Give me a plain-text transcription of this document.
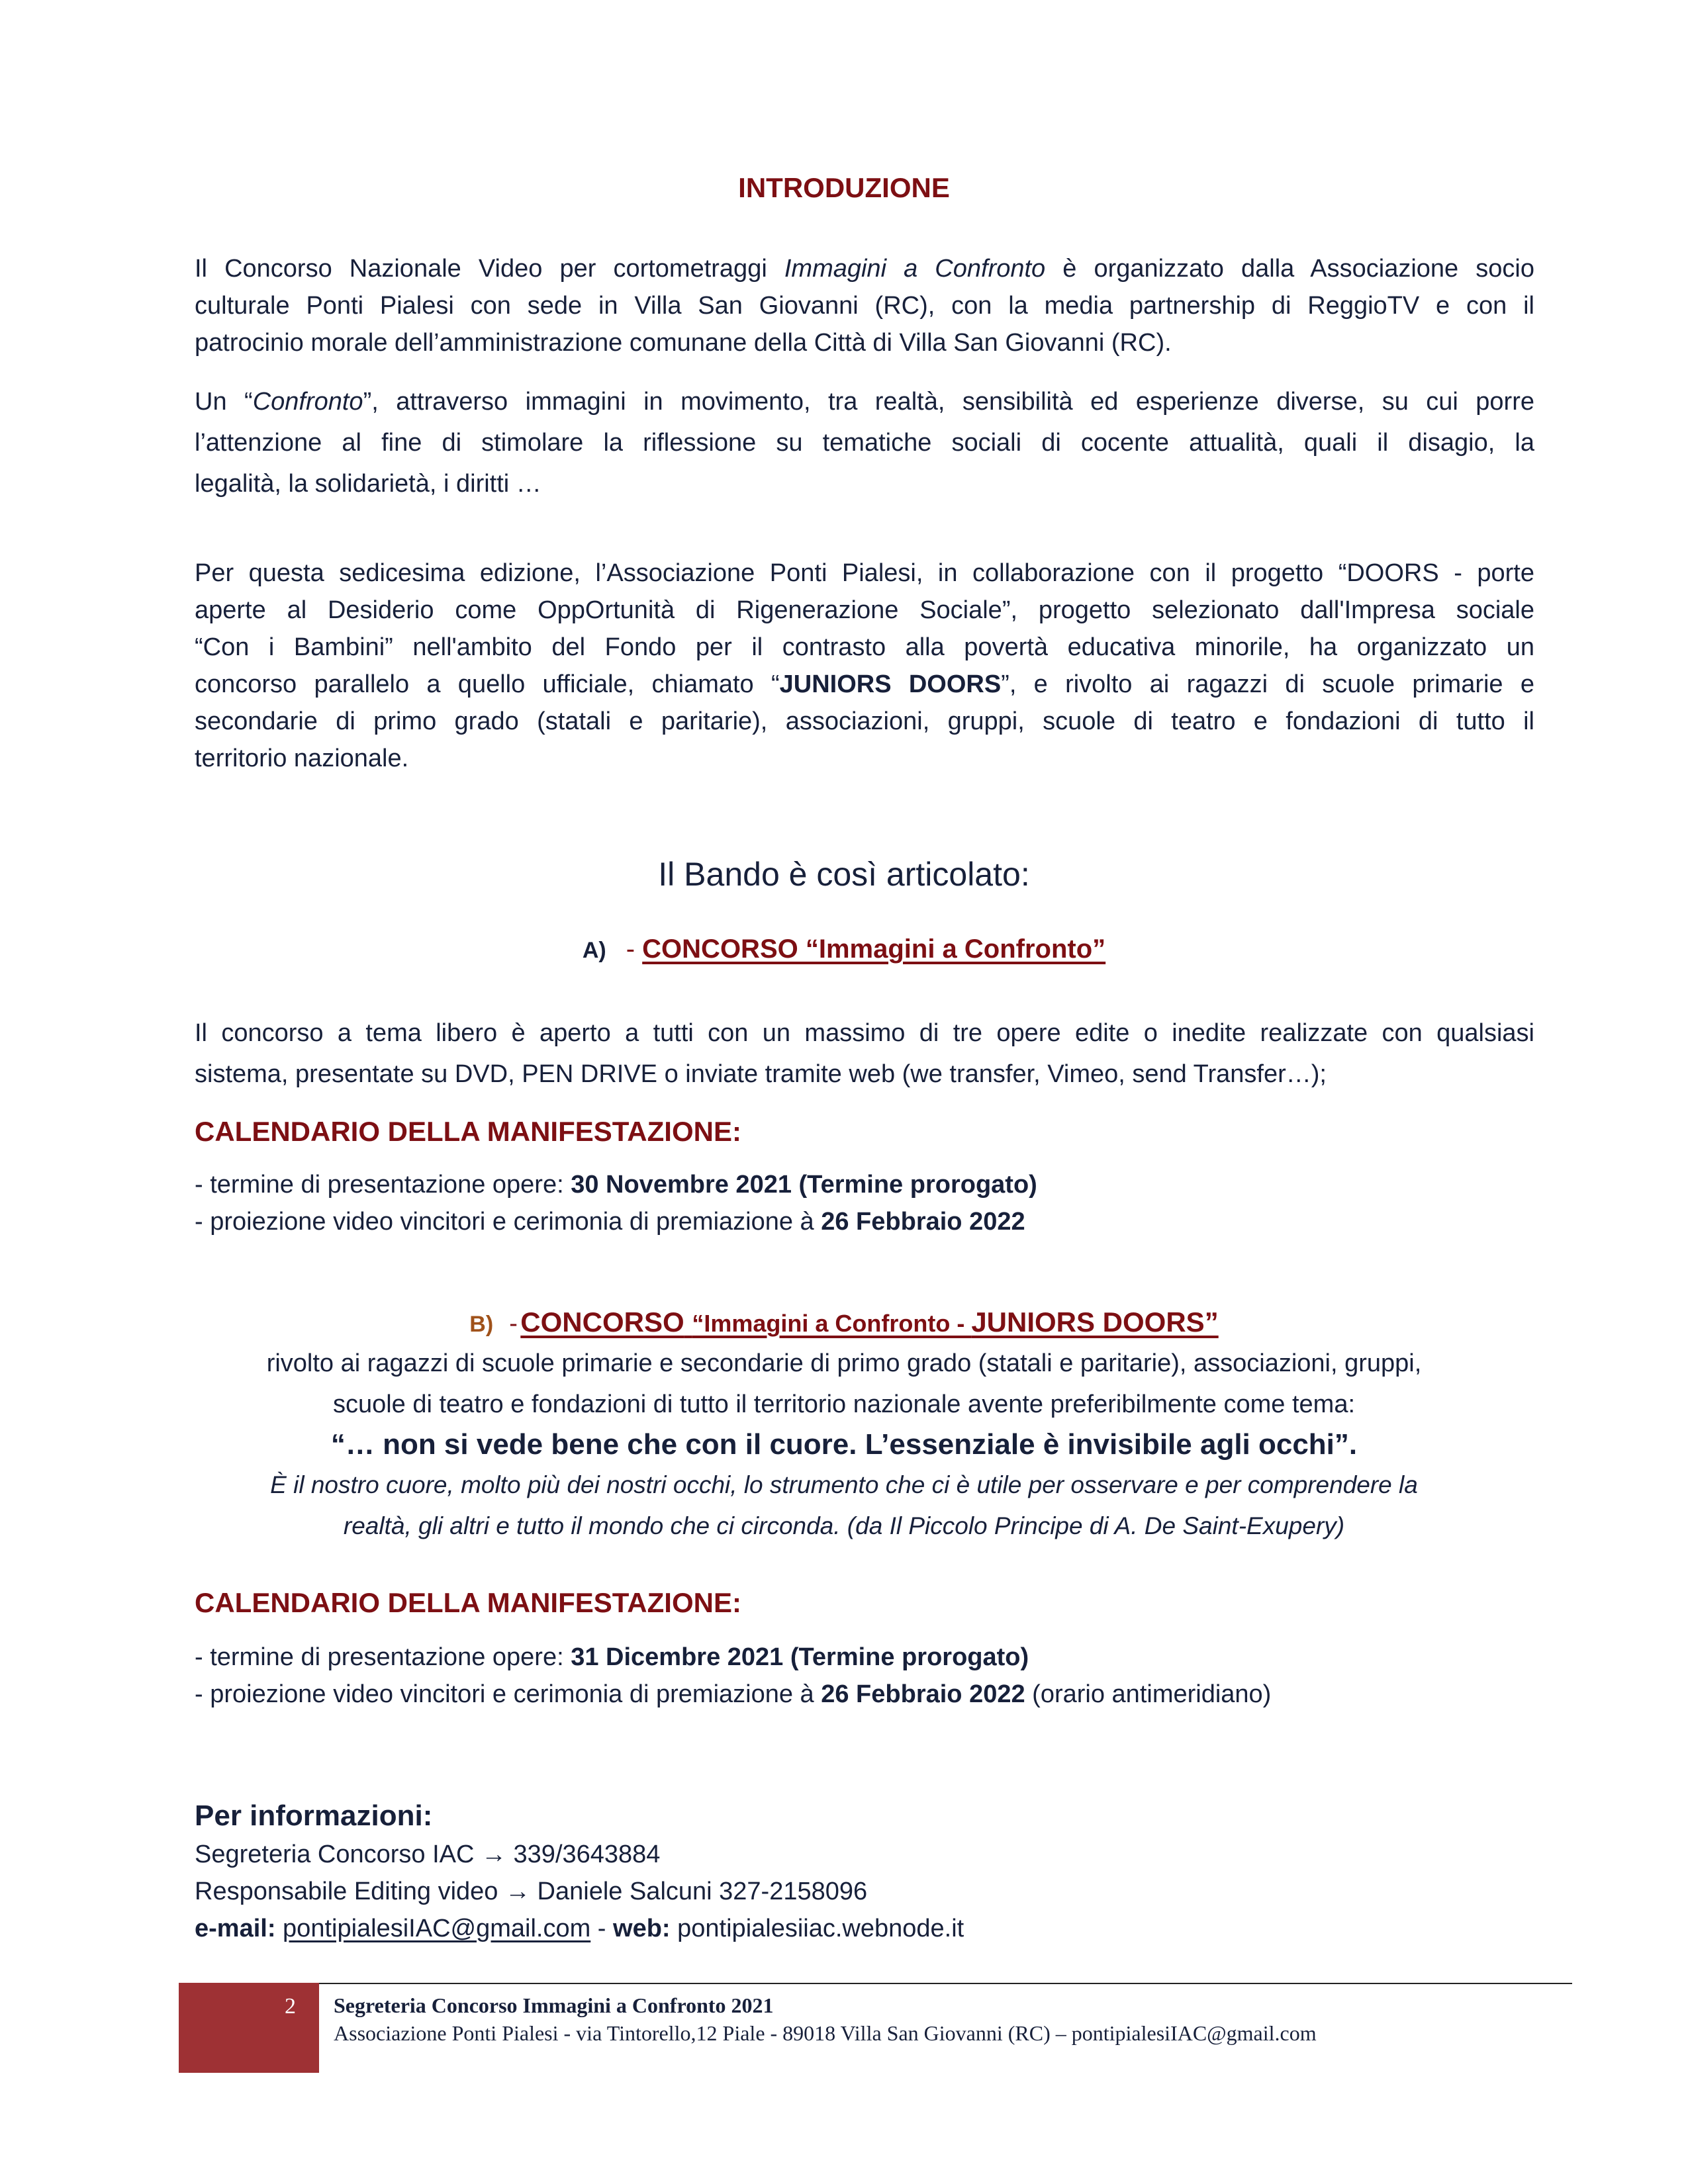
INTRODUZIONE
Il Concorso Nazionale Video per cortometraggi Immagini a Confronto è organizzato dalla Associazione socio
culturale Ponti Pialesi con sede in Villa San Giovanni (RC), con la media partnership di ReggioTV e con il
patrocinio morale dell’amministrazione comunane della Città di Villa San Giovanni (RC).
Un “Confronto”, attraverso immagini in movimento, tra realtà, sensibilità ed esperienze diverse, su cui porre
l’attenzione al fine di stimolare la riflessione su tematiche sociali di cocente attualità, quali il disagio, la
legalità, la solidarietà, i diritti …
Per questa sedicesima edizione, l’Associazione Ponti Pialesi, in collaborazione con il progetto “DOORS - porte
aperte al Desiderio come OppOrtunità di Rigenerazione Sociale”, progetto selezionato dall'Impresa sociale
“Con i Bambini” nell'ambito del Fondo per il contrasto alla povertà educativa minorile, ha organizzato un
concorso parallelo a quello ufficiale, chiamato “JUNIORS DOORS”, e rivolto ai ragazzi di scuole primarie e
secondarie di primo grado (statali e paritarie), associazioni, gruppi, scuole di teatro e fondazioni di tutto il
territorio nazionale.
Il Bando è così articolato:
A) - CONCORSO “Immagini a Confronto”
Il concorso a tema libero è aperto a tutti con un massimo di tre opere edite o inedite realizzate con qualsiasi
sistema, presentate su DVD, PEN DRIVE o inviate tramite web (we transfer, Vimeo, send Transfer…);
CALENDARIO DELLA MANIFESTAZIONE:
- termine di presentazione opere: 30 Novembre 2021 (Termine prorogato)
- proiezione video vincitori e cerimonia di premiazione à 26 Febbraio 2022
B) - CONCORSO “Immagini a Confronto - JUNIORS DOORS”
rivolto ai ragazzi di scuole primarie e secondarie di primo grado (statali e paritarie), associazioni, gruppi,
scuole di teatro e fondazioni di tutto il territorio nazionale avente preferibilmente come tema:
“… non si vede bene che con il cuore. L’essenziale è invisibile agli occhi”.
È il nostro cuore, molto più dei nostri occhi, lo strumento che ci è utile per osservare e per comprendere la
realtà, gli altri e tutto il mondo che ci circonda. (da Il Piccolo Principe di A. De Saint-Exupery)
CALENDARIO DELLA MANIFESTAZIONE:
- termine di presentazione opere: 31 Dicembre 2021 (Termine prorogato)
- proiezione video vincitori e cerimonia di premiazione à 26 Febbraio 2022 (orario antimeridiano)
Per informazioni:
Segreteria Concorso IAC → 339/3643884
Responsabile Editing video → Daniele Salcuni 327-2158096
e-mail: pontipialesiIAC@gmail.com - web: pontipialesiiac.webnode.it
2 Segreteria Concorso Immagini a Confronto 2021
Associazione Ponti Pialesi - via Tintorello,12 Piale - 89018 Villa San Giovanni (RC) – pontipialesiIAC@gmail.com
